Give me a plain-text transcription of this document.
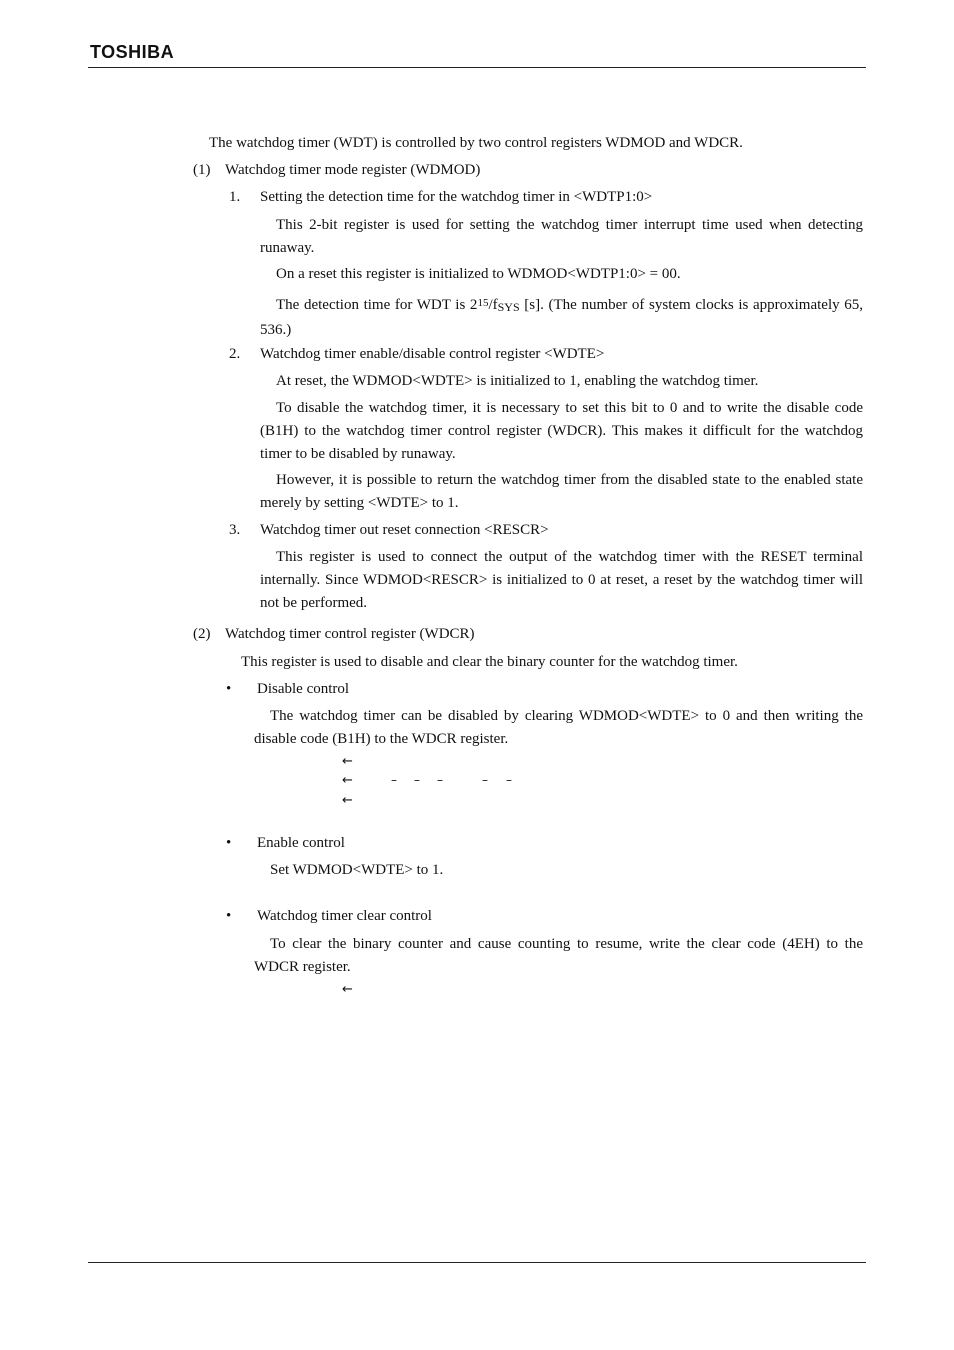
TOSHIBA
The watchdog timer (WDT) is controlled by two control registers WDMOD and WDCR.
(1) Watchdog timer mode register (WDMOD)
1. Setting the detection time for the watchdog timer in <WDTP1:0>
This 2-bit register is used for setting the watchdog timer interrupt time used when detecting runaway.
On a reset this register is initialized to WDMOD<WDTP1:0> = 00.
The detection time for WDT is $2^{15}$/fSYS [s]. (The number of system clocks is approximately 65, 536.)
2. Watchdog timer enable/disable control register <WDTE>
At reset, the WDMOD<WDTE> is initialized to 1, enabling the watchdog timer.
To disable the watchdog timer, it is necessary to set this bit to 0 and to write the disable code (B1H) to the watchdog timer control register (WDCR). This makes it difficult for the watchdog timer to be disabled by runaway.
However, it is possible to return the watchdog timer from the disabled state to the enabled state merely by setting <WDTE> to 1.
3. Watchdog timer out reset connection <RESCR>
This register is used to connect the output of the watchdog timer with the RESET terminal internally. Since WDMOD<RESCR> is initialized to 0 at reset, a reset by the watchdog timer will not be performed.
(2) Watchdog timer control register (WDCR)
This register is used to disable and clear the binary counter for the watchdog timer.
• Disable control
The watchdog timer can be disabled by clearing WDMOD<WDTE> to 0 and then writing the disable code (B1H) to the WDCR register.
←
←	– – –	– –
←
• Enable control
Set WDMOD<WDTE> to 1.
• Watchdog timer clear control
To clear the binary counter and cause counting to resume, write the clear code (4EH) to the WDCR register.
←
